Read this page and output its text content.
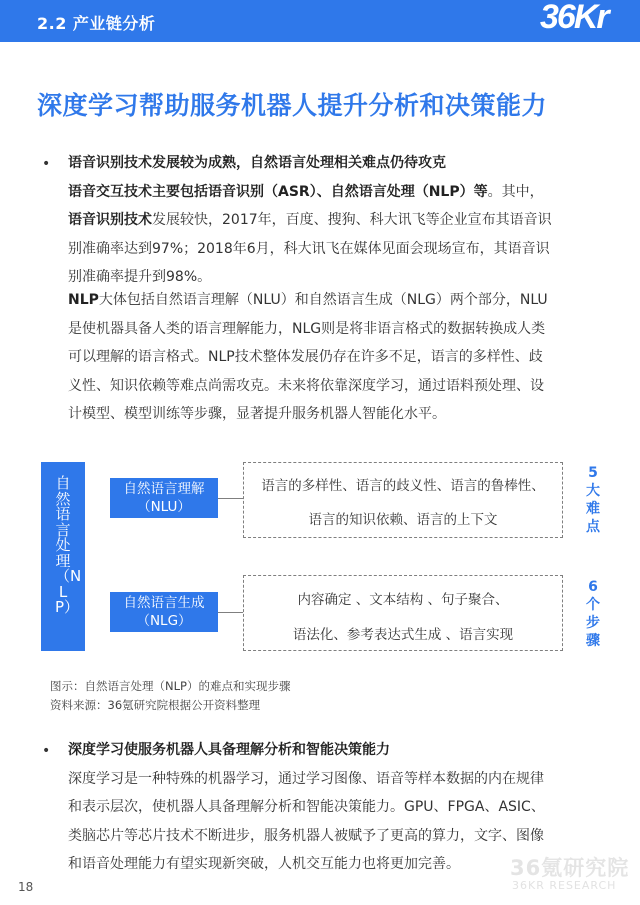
2.2 产业链分析	36Kr
深度学习帮助服务机器人提升分析和决策能力
• 语音识别技术发展较为成熟，自然语言处理相关难点仍待攻克
语音交互技术主要包括语音识别（ASR）、自然语言处理（NLP）等。其中，
语音识别技术发展较快，2017年，百度、搜狗、科大讯飞等企业宣布其语音识
别准确率达到97%；2018年6月，科大讯飞在媒体见面会现场宣布，其语音识
别准确率提升到98%。
NLP大体包括自然语言理解（NLU）和自然语言生成（NLG）两个部分，NLU
是使机器具备人类的语言理解能力，NLG则是将非语言格式的数据转换成人类
可以理解的语言格式。NLP技术整体发展仍存在许多不足，语言的多样性、歧
义性、知识依赖等难点尚需攻克。未来将依靠深度学习，通过语料预处理、设
计模型、模型训练等步骤，显著提升服务机器人智能化水平。
自然语言处理（NLP）
自然语言理解
（NLU）
语言的多样性、语言的歧义性、语言的鲁棒性、
语言的知识依赖、语言的上下文
自然语言生成
（NLG）
内容确定 、文本结构 、句子聚合、
语法化、参考表达式生成 、语言实现
5大难点
6个步骤
图示：自然语言处理（NLP）的难点和实现步骤
资料来源：36氪研究院根据公开资料整理
• 深度学习使服务机器人具备理解分析和智能决策能力
深度学习是一种特殊的机器学习，通过学习图像、语音等样本数据的内在规律
和表示层次，使机器人具备理解分析和智能决策能力。GPU、FPGA、ASIC、
类脑芯片等芯片技术不断进步，服务机器人被赋予了更高的算力，文字、图像
和语音处理能力有望实现新突破，人机交互能力也将更加完善。
18
36氪研究院
36KR RESEARCH
